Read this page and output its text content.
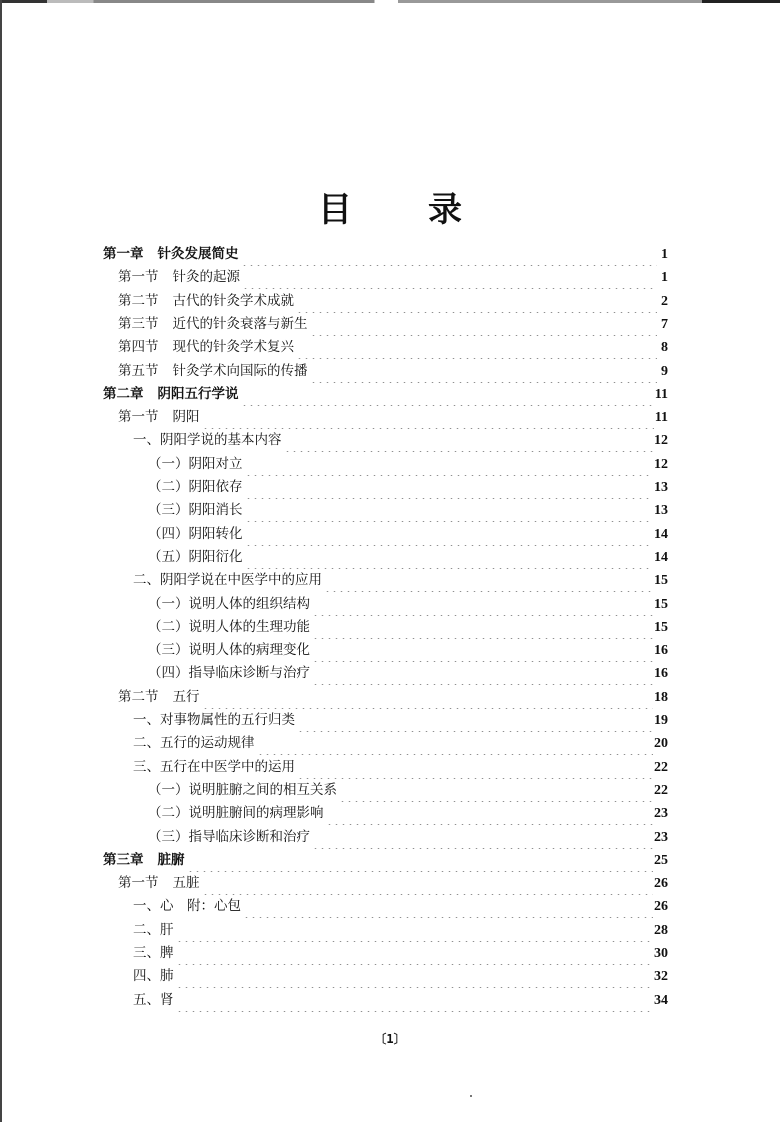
目 录
第一章 针灸发展简史	1
第一节 针灸的起源	1
第二节 古代的针灸学术成就	2
第三节 近代的针灸衰落与新生	7
第四节 现代的针灸学术复兴	8
第五节 针灸学术向国际的传播	9
第二章 阴阳五行学说	11
第一节 阴阳	11
一、阴阳学说的基本内容	12
（一）阴阳对立	12
（二）阴阳依存	13
（三）阴阳消长	13
（四）阴阳转化	14
（五）阴阳衍化	14
二、阴阳学说在中医学中的应用	15
（一）说明人体的组织结构	15
（二）说明人体的生理功能	15
（三）说明人体的病理变化	16
（四）指导临床诊断与治疗	16
第二节 五行	18
一、对事物属性的五行归类	19
二、五行的运动规律	20
三、五行在中医学中的运用	22
（一）说明脏腑之间的相互关系	22
（二）说明脏腑间的病理影响	23
（三）指导临床诊断和治疗	23
第三章 脏腑	25
第一节 五脏	26
一、心　附：心包	26
二、肝	28
三、脾	30
四、肺	32
五、肾	34
〔1〕
